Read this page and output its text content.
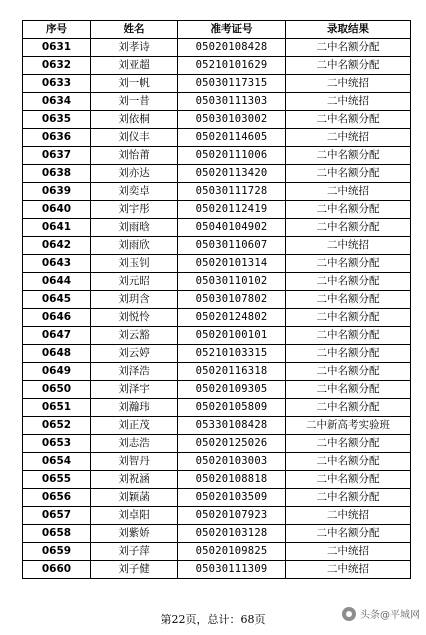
序号	姓名	准考证号	录取结果
0631	刘孝诗	05020108428	二中名额分配
0632	刘亚超	05210101629	二中名额分配
0633	刘一帆	05030117315	二中统招
0634	刘一昔	05030111303	二中统招
0635	刘依桐	05030103002	二中名额分配
0636	刘仪丰	05020114605	二中统招
0637	刘怡莆	05020111006	二中名额分配
0638	刘亦达	05020113420	二中名额分配
0639	刘奕卓	05030111728	二中统招
0640	刘宇彤	05020112419	二中名额分配
0641	刘雨晗	05040104902	二中名额分配
0642	刘雨欣	05030110607	二中统招
0643	刘玉钊	05020101314	二中名额分配
0644	刘元昭	05030110102	二中名额分配
0645	刘玥含	05030107802	二中名额分配
0646	刘悦怜	05020124802	二中名额分配
0647	刘云豁	05020100101	二中名额分配
0648	刘云婷	05210103315	二中名额分配
0649	刘泽浩	05020116318	二中名额分配
0650	刘泽宇	05020109305	二中名额分配
0651	刘瀚玮	05020105809	二中名额分配
0652	刘正茂	05330108428	二中新高考实验班
0653	刘志浩	05020125026	二中名额分配
0654	刘智丹	05020103003	二中名额分配
0655	刘祝涵	05020108818	二中名额分配
0656	刘颖菡	05020103509	二中名额分配
0657	刘卓阳	05020107923	二中统招
0658	刘紫娇	05020103128	二中名额分配
0659	刘子萍	05020109825	二中统招
0660	刘子健	05030111309	二中统招
第22页，总计：68页	头条@平城网
